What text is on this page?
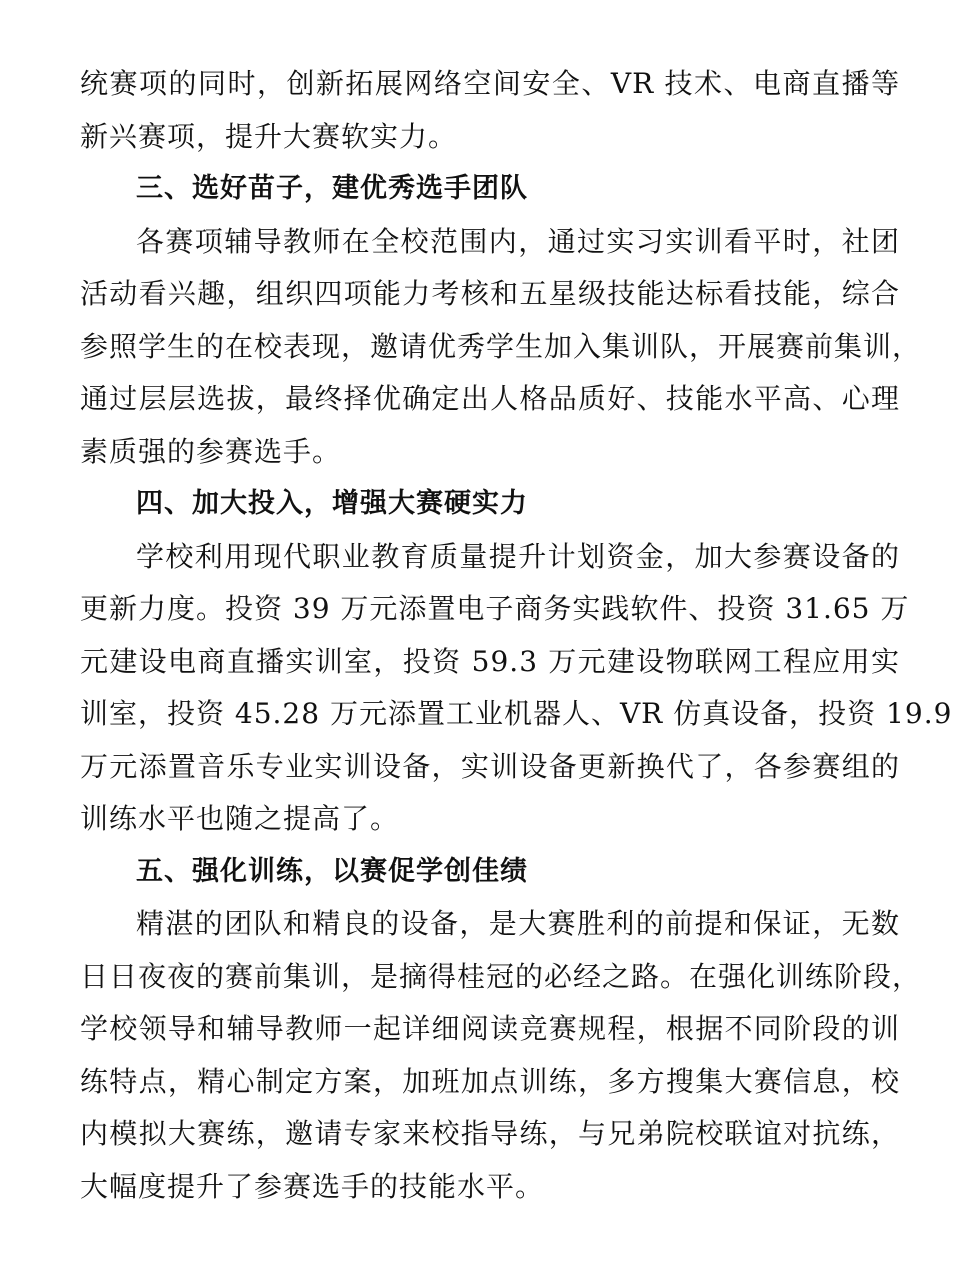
统赛项的同时，创新拓展网络空间安全、VR 技术、电商直播等
新兴赛项，提升大赛软实力。
三、选好苗子，建优秀选手团队
各赛项辅导教师在全校范围内，通过实习实训看平时，社团
活动看兴趣，组织四项能力考核和五星级技能达标看技能，综合
参照学生的在校表现，邀请优秀学生加入集训队，开展赛前集训，
通过层层选拔，最终择优确定出人格品质好、技能水平高、心理
素质强的参赛选手。
四、加大投入，增强大赛硬实力
学校利用现代职业教育质量提升计划资金，加大参赛设备的
更新力度。投资 39 万元添置电子商务实践软件、投资 31.65 万
元建设电商直播实训室，投资 59.3 万元建设物联网工程应用实
训室，投资 45.28 万元添置工业机器人、VR 仿真设备，投资 19.9
万元添置音乐专业实训设备，实训设备更新换代了，各参赛组的
训练水平也随之提高了。
五、强化训练，以赛促学创佳绩
精湛的团队和精良的设备，是大赛胜利的前提和保证，无数
日日夜夜的赛前集训，是摘得桂冠的必经之路。在强化训练阶段，
学校领导和辅导教师一起详细阅读竞赛规程，根据不同阶段的训
练特点，精心制定方案，加班加点训练，多方搜集大赛信息，校
内模拟大赛练，邀请专家来校指导练，与兄弟院校联谊对抗练，
大幅度提升了参赛选手的技能水平。
